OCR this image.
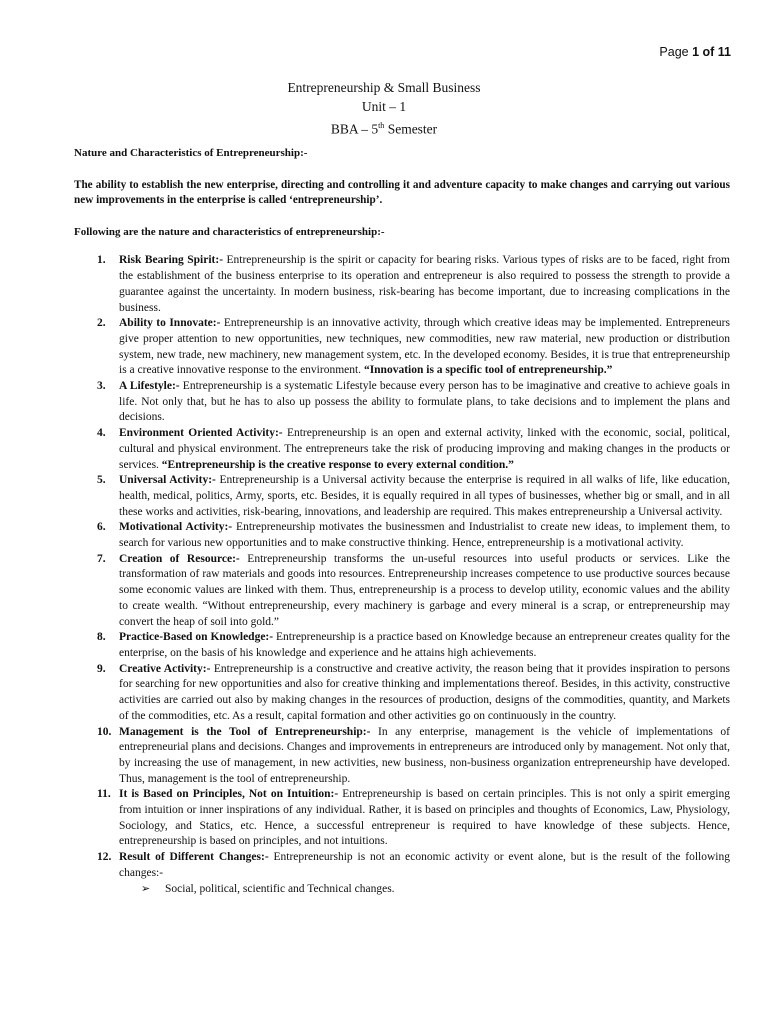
Page 1 of 11
Entrepreneurship & Small Business
Unit – 1
BBA – 5th Semester
Nature and Characteristics of Entrepreneurship:-
The ability to establish the new enterprise, directing and controlling it and adventure capacity to make changes and carrying out various new improvements in the enterprise is called ‘entrepreneurship’.
Following are the nature and characteristics of entrepreneurship:-
1. Risk Bearing Spirit:- Entrepreneurship is the spirit or capacity for bearing risks. Various types of risks are to be faced, right from the establishment of the business enterprise to its operation and entrepreneur is also required to possess the strength to provide a guarantee against the uncertainty. In modern business, risk-bearing has become important, due to increasing complications in the business.
2. Ability to Innovate:- Entrepreneurship is an innovative activity, through which creative ideas may be implemented. Entrepreneurs give proper attention to new opportunities, new techniques, new commodities, new raw material, new production or distribution system, new trade, new machinery, new management system, etc. In the developed economy. Besides, it is true that entrepreneurship is a creative innovative response to the environment. “Innovation is a specific tool of entrepreneurship.”
3. A Lifestyle:- Entrepreneurship is a systematic Lifestyle because every person has to be imaginative and creative to achieve goals in life. Not only that, but he has to also up possess the ability to formulate plans, to take decisions and to implement the plans and decisions.
4. Environment Oriented Activity:- Entrepreneurship is an open and external activity, linked with the economic, social, political, cultural and physical environment. The entrepreneurs take the risk of producing improving and making changes in the products or services. “Entrepreneurship is the creative response to every external condition.”
5. Universal Activity:- Entrepreneurship is a Universal activity because the enterprise is required in all walks of life, like education, health, medical, politics, Army, sports, etc. Besides, it is equally required in all types of businesses, whether big or small, and in all these works and activities, risk-bearing, innovations, and leadership are required. This makes entrepreneurship a Universal activity.
6. Motivational Activity:- Entrepreneurship motivates the businessmen and Industrialist to create new ideas, to implement them, to search for various new opportunities and to make constructive thinking. Hence, entrepreneurship is a motivational activity.
7. Creation of Resource:- Entrepreneurship transforms the un-useful resources into useful products or services. Like the transformation of raw materials and goods into resources. Entrepreneurship increases competence to use productive sources because some economic values are linked with them. Thus, entrepreneurship is a process to develop utility, economic values and the ability to create wealth. “Without entrepreneurship, every machinery is garbage and every mineral is a scrap, or entrepreneurship may convert the heap of soil into gold.”
8. Practice-Based on Knowledge:- Entrepreneurship is a practice based on Knowledge because an entrepreneur creates quality for the enterprise, on the basis of his knowledge and experience and he attains high achievements.
9. Creative Activity:- Entrepreneurship is a constructive and creative activity, the reason being that it provides inspiration to persons for searching for new opportunities and also for creative thinking and implementations thereof. Besides, in this activity, constructive activities are carried out also by making changes in the resources of production, designs of the commodities, quantity, and Markets of the commodities, etc. As a result, capital formation and other activities go on continuously in the country.
10. Management is the Tool of Entrepreneurship:- In any enterprise, management is the vehicle of implementations of entrepreneurial plans and decisions. Changes and improvements in entrepreneurs are introduced only by management. Not only that, by increasing the use of management, in new activities, new business, non-business organization entrepreneurship have developed. Thus, management is the tool of entrepreneurship.
11. It is Based on Principles, Not on Intuition:- Entrepreneurship is based on certain principles. This is not only a spirit emerging from intuition or inner inspirations of any individual. Rather, it is based on principles and thoughts of Economics, Law, Physiology, Sociology, and Statics, etc. Hence, a successful entrepreneur is required to have knowledge of these subjects. Hence, entrepreneurship is based on principles, and not intuitions.
12. Result of Different Changes:- Entrepreneurship is not an economic activity or event alone, but is the result of the following changes:-
➢ Social, political, scientific and Technical changes.
